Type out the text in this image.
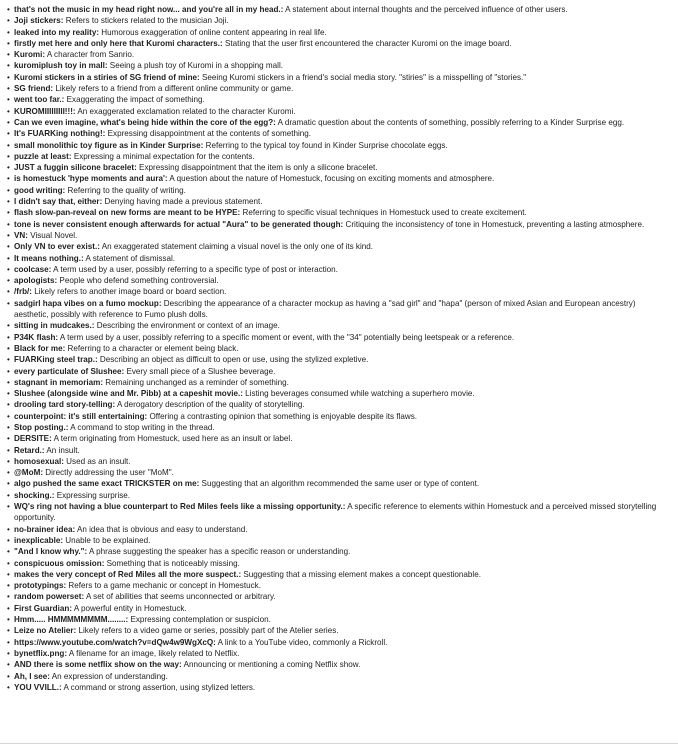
• that's not the music in my head right now... and you're all in my head.: A statement about internal thoughts and the perceived influence of other users.
• Joji stickers: Refers to stickers related to the musician Joji.
• leaked into my reality: Humorous exaggeration of online content appearing in real life.
• firstly met here and only here that Kuromi characters.: Stating that the user first encountered the character Kuromi on the image board.
• Kuromi: A character from Sanrio.
• kuromiplush toy in mall: Seeing a plush toy of Kuromi in a shopping mall.
• Kuromi stickers in a stiries of SG friend of mine: Seeing Kuromi stickers in a friend's social media story. "stiries" is a misspelling of "stories."
• SG friend: Likely refers to a friend from a different online community or game.
• went too far.: Exaggerating the impact of something.
• KUROMIIIIIIIII!!!: An exaggerated exclamation related to the character Kuromi.
• Can we even imagine, what's being hide within the core of the egg?: A dramatic question about the contents of something, possibly referring to a Kinder Surprise egg.
• It's FUARKing nothing!: Expressing disappointment at the contents of something.
• small monolithic toy figure as in Kinder Surprise: Referring to the typical toy found in Kinder Surprise chocolate eggs.
• puzzle at least: Expressing a minimal expectation for the contents.
• JUST a fuggin silicone bracelet: Expressing disappointment that the item is only a silicone bracelet.
• is homestuck 'hype moments and aura': A question about the nature of Homestuck, focusing on exciting moments and atmosphere.
• good writing: Referring to the quality of writing.
• I didn't say that, either: Denying having made a previous statement.
• flash slow-pan-reveal on new forms are meant to be HYPE: Referring to specific visual techniques in Homestuck used to create excitement.
• tone is never consistent enough afterwards for actual "Aura" to be generated though: Critiquing the inconsistency of tone in Homestuck, preventing a lasting atmosphere.
• VN: Visual Novel.
• Only VN to ever exist.: An exaggerated statement claiming a visual novel is the only one of its kind.
• It means nothing.: A statement of dismissal.
• coolcase: A term used by a user, possibly referring to a specific type of post or interaction.
• apologists: People who defend something controversial.
• /frb/: Likely refers to another image board or board section.
• sadgirl hapa vibes on a fumo mockup: Describing the appearance of a character mockup as having a "sad girl" and "hapa" (person of mixed Asian and European ancestry) aesthetic, possibly with reference to Fumo plush dolls.
• sitting in mudcakes.: Describing the environment or context of an image.
• P34K flash: A term used by a user, possibly referring to a specific moment or event, with the "34" potentially being leetspeak or a reference.
• Black for me: Referring to a character or element being black.
• FUARKing steel trap.: Describing an object as difficult to open or use, using the stylized expletive.
• every particulate of Slushee: Every small piece of a Slushee beverage.
• stagnant in memoriam: Remaining unchanged as a reminder of something.
• Slushee (alongside wine and Mr. Pibb) at a capeshit movie.: Listing beverages consumed while watching a superhero movie.
• drooling tard story-telling: A derogatory description of the quality of storytelling.
• counterpoint: it's still entertaining: Offering a contrasting opinion that something is enjoyable despite its flaws.
• Stop posting.: A command to stop writing in the thread.
• DERSITE: A term originating from Homestuck, used here as an insult or label.
• Retard.: An insult.
• homosexual: Used as an insult.
• @MoM: Directly addressing the user "MoM".
• algo pushed the same exact TRICKSTER on me: Suggesting that an algorithm recommended the same user or type of content.
• shocking.: Expressing surprise.
• WQ's ring not having a blue counterpart to Red Miles feels like a missing opportunity.: A specific reference to elements within Homestuck and a perceived missed storytelling opportunity.
• no-brainer idea: An idea that is obvious and easy to understand.
• inexplicable: Unable to be explained.
• "And I know why.": A phrase suggesting the speaker has a specific reason or understanding.
• conspicuous omission: Something that is noticeably missing.
• makes the very concept of Red Miles all the more suspect.: Suggesting that a missing element makes a concept questionable.
• prototypings: Refers to a game mechanic or concept in Homestuck.
• random powerset: A set of abilities that seems unconnected or arbitrary.
• First Guardian: A powerful entity in Homestuck.
• Hmm..... HMMMMMMMM........: Expressing contemplation or suspicion.
• Leize no Atelier: Likely refers to a video game or series, possibly part of the Atelier series.
• https://www.youtube.com/watch?v=dQw4w9WgXcQ: A link to a YouTube video, commonly a Rickroll.
• bynetflix.png: A filename for an image, likely related to Netflix.
• AND there is some netflix show on the way: Announcing or mentioning a coming Netflix show.
• Ah, I see: An expression of understanding.
• YOU VVILL.: A command or strong assertion, using stylized letters.
